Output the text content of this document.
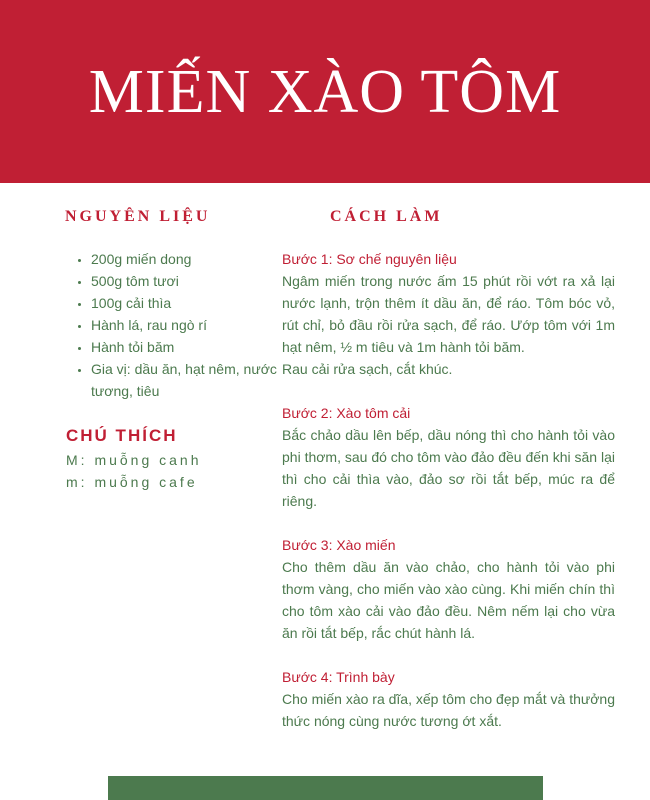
MIẾN XÀO TÔM
NGUYÊN LIỆU
• 200g miến dong
• 500g tôm tươi
• 100g cải thìa
• Hành lá, rau ngò rí
• Hành tỏi băm
• Gia vị: dầu ăn, hạt nêm, nước tương, tiêu
CHÚ THÍCH

M: muỗng canh

m: muỗng cafe

CÁCH LÀM

Bước 1: Sơ chế nguyên liệu

Ngâm miến trong nước ấm 15 phút rồi vớt ra xả lại nước lạnh, trộn thêm ít dầu ăn, để ráo. Tôm bóc vỏ, rút chỉ, bỏ đầu rồi rửa sạch, để ráo. Ướp tôm với 1m hạt nêm, ½ m tiêu và 1m hành tỏi băm.

Rau cải rửa sạch, cắt khúc.

Bước 2: Xào tôm cải

Bắc chảo dầu lên bếp, dầu nóng thì cho hành tỏi vào phi thơm, sau đó cho tôm vào đảo đều đến khi săn lại thì cho cải thìa vào, đảo sơ rồi tắt bếp, múc ra để riêng.

Bước 3: Xào miến

Cho thêm dầu ăn vào chảo, cho hành tỏi vào phi thơm vàng, cho miến vào xào cùng. Khi miến chín thì cho tôm xào cải vào đảo đều. Nêm nếm lại cho vừa ăn rồi tắt bếp, rắc chút hành lá.

Bước 4: Trình bày

Cho miến xào ra dĩa, xếp tôm cho đẹp mắt và thưởng thức nóng cùng nước tương ớt xắt.
